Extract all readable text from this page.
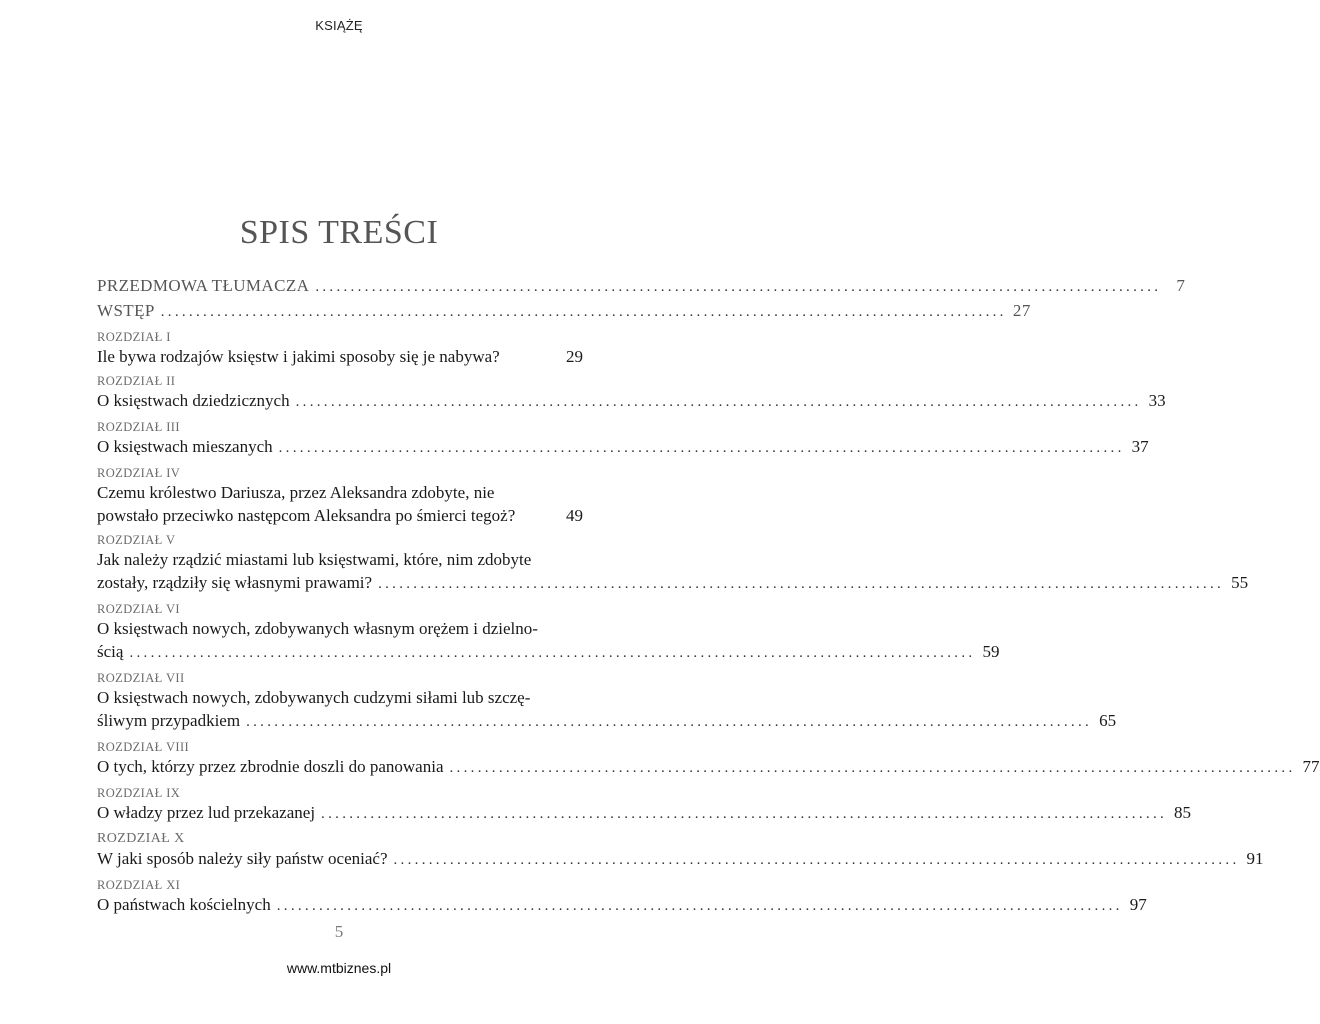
KSIĄŻĘ
SPIS TREŚCI
PRZEDMOWA TŁUMACZA ........................................................................................................................ 7
WSTĘP ........................................................................................................................ 27
ROZDZIAŁ I
Ile bywa rodzajów księstw i jakimi sposoby się je nabywa?	29
ROZDZIAŁ II
O księstwach dziedzicznych ........................................................................................................................ 33
ROZDZIAŁ III
O księstwach mieszanych ........................................................................................................................ 37
ROZDZIAŁ IV
Czemu królestwo Dariusza, przez Aleksandra zdobyte, nie
powstało przeciwko następcom Aleksandra po śmierci tegoż?	49
ROZDZIAŁ V
Jak należy rządzić miastami lub księstwami, które, nim zdobyte
zostały, rządziły się własnymi prawami? ........................................................................................................................ 55
ROZDZIAŁ VI
O księstwach nowych, zdobywanych własnym orężem i dzielno-
ścią ........................................................................................................................ 59
ROZDZIAŁ VII
O księstwach nowych, zdobywanych cudzymi siłami lub szczę-
śliwym przypadkiem ........................................................................................................................ 65
ROZDZIAŁ VIII
O tych, którzy przez zbrodnie doszli do panowania ........................................................................................................................ 77
ROZDZIAŁ IX
O władzy przez lud przekazanej ........................................................................................................................ 85
ROZDZIAŁ X
W jaki sposób należy siły państw oceniać? ........................................................................................................................ 91
ROZDZIAŁ XI
O państwach kościelnych ........................................................................................................................ 97
5
www.mtbiznes.pl
